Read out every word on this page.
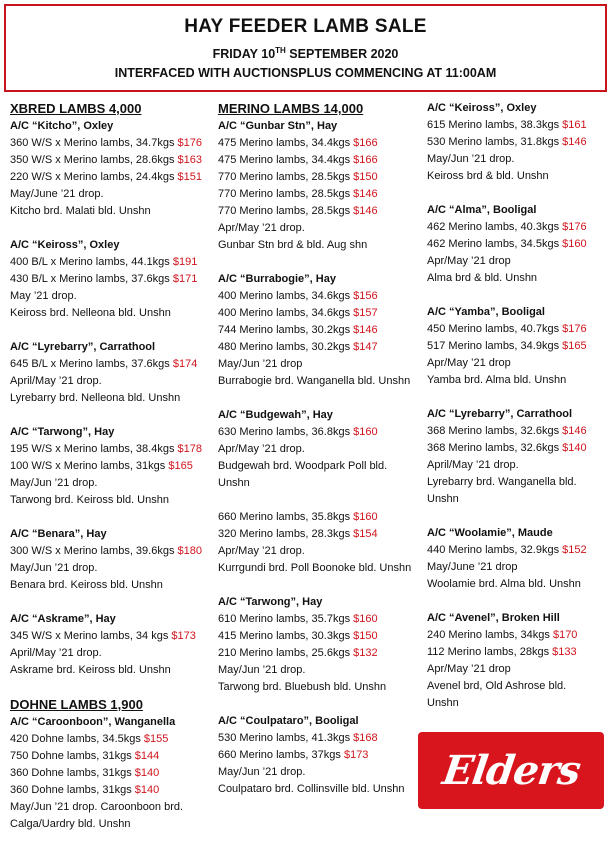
HAY FEEDER LAMB SALE
FRIDAY 10TH SEPTEMBER 2020
INTERFACED WITH AUCTIONSPLUS COMMENCING AT 11:00AM
XBRED LAMBS 4,000
A/C “Kitcho”, Oxley
360 W/S x Merino lambs, 34.7kgs $176
350 W/S x Merino lambs, 28.6kgs $163
220 W/S x Merino lambs, 24.4kgs $151
May/June ’21 drop.
Kitcho brd. Malati bld. Unshn
A/C “Keiross”, Oxley
400 B/L x Merino lambs, 44.1kgs $191
430 B/L x Merino lambs, 37.6kgs $171
May ’21 drop.
Keiross brd. Nelleona bld. Unshn
A/C “Lyrebarry”, Carrathool
645 B/L x Merino lambs, 37.6kgs $174
April/May ’21 drop.
Lyrebarry brd. Nelleona bld. Unshn
A/C “Tarwong”, Hay
195 W/S x Merino lambs, 38.4kgs $178
100 W/S x Merino lambs, 31kgs $165
May/Jun ’21 drop.
Tarwong brd. Keiross bld. Unshn
A/C “Benara”, Hay
300 W/S x Merino lambs, 39.6kgs $180
May/Jun ’21 drop.
Benara brd. Keiross bld. Unshn
A/C “Askrame”, Hay
345 W/S x Merino lambs, 34 kgs $173
April/May ’21 drop.
Askrame brd. Keiross bld. Unshn
DOHNE LAMBS 1,900
A/C “Caroonboon”, Wanganella
420 Dohne lambs, 34.5kgs $155
750 Dohne lambs, 31kgs $144
360 Dohne lambs, 31kgs $140
360 Dohne lambs, 31kgs $140
May/Jun ’21 drop. Caroonboon brd.
Calga/Uardry bld. Unshn
MERINO LAMBS 14,000
A/C “Gunbar Stn”, Hay
475 Merino lambs, 34.4kgs $166
475 Merino lambs, 34.4kgs $166
770 Merino lambs, 28.5kgs $150
770 Merino lambs, 28.5kgs $146
770 Merino lambs, 28.5kgs $146
Apr/May ’21 drop.
Gunbar Stn brd & bld. Aug shn
A/C “Burrabogie”, Hay
400 Merino lambs, 34.6kgs $156
400 Merino lambs, 34.6kgs $157
744 Merino lambs, 30.2kgs $146
480 Merino lambs, 30.2kgs $147
May/Jun ’21 drop
Burrabogie brd. Wanganella bld. Unshn
A/C “Budgewah”, Hay
630 Merino lambs, 36.8kgs $160
Apr/May ’21 drop.
Budgewah brd. Woodpark Poll bld.
Unshn
660 Merino lambs, 35.8kgs $160
320 Merino lambs, 28.3kgs $154
Apr/May ’21 drop.
Kurrgundi brd. Poll Boonoke bld. Unshn
A/C “Tarwong”, Hay
610 Merino lambs, 35.7kgs $160
415 Merino lambs, 30.3kgs $150
210 Merino lambs, 25.6kgs $132
May/Jun ’21 drop.
Tarwong brd. Bluebush bld. Unshn
A/C “Coulpataro”, Booligal
530 Merino lambs, 41.3kgs $168
660 Merino lambs, 37kgs $173
May/Jun ’21 drop.
Coulpataro brd. Collinsville bld. Unshn
A/C “Keiross”, Oxley
615 Merino lambs, 38.3kgs $161
530 Merino lambs, 31.8kgs $146
May/Jun ’21 drop.
Keiross brd & bld. Unshn
A/C “Alma”, Booligal
462 Merino lambs, 40.3kgs $176
462 Merino lambs, 34.5kgs $160
Apr/May ’21 drop
Alma brd & bld. Unshn
A/C “Yamba”, Booligal
450 Merino lambs, 40.7kgs $176
517 Merino lambs, 34.9kgs $165
Apr/May ’21 drop
Yamba brd. Alma bld. Unshn
A/C “Lyrebarry”, Carrathool
368 Merino lambs, 32.6kgs $146
368 Merino lambs, 32.6kgs $140
April/May ’21 drop.
Lyrebarry brd. Wanganella bld.
Unshn
A/C “Woolamie”, Maude
440 Merino lambs, 32.9kgs $152
May/June ’21 drop
Woolamie brd. Alma bld. Unshn
A/C “Avenel”, Broken Hill
240 Merino lambs, 34kgs $170
112 Merino lambs, 28kgs $133
Apr/May ’21 drop
Avenel brd, Old Ashrose bld.
Unshn
Elders
